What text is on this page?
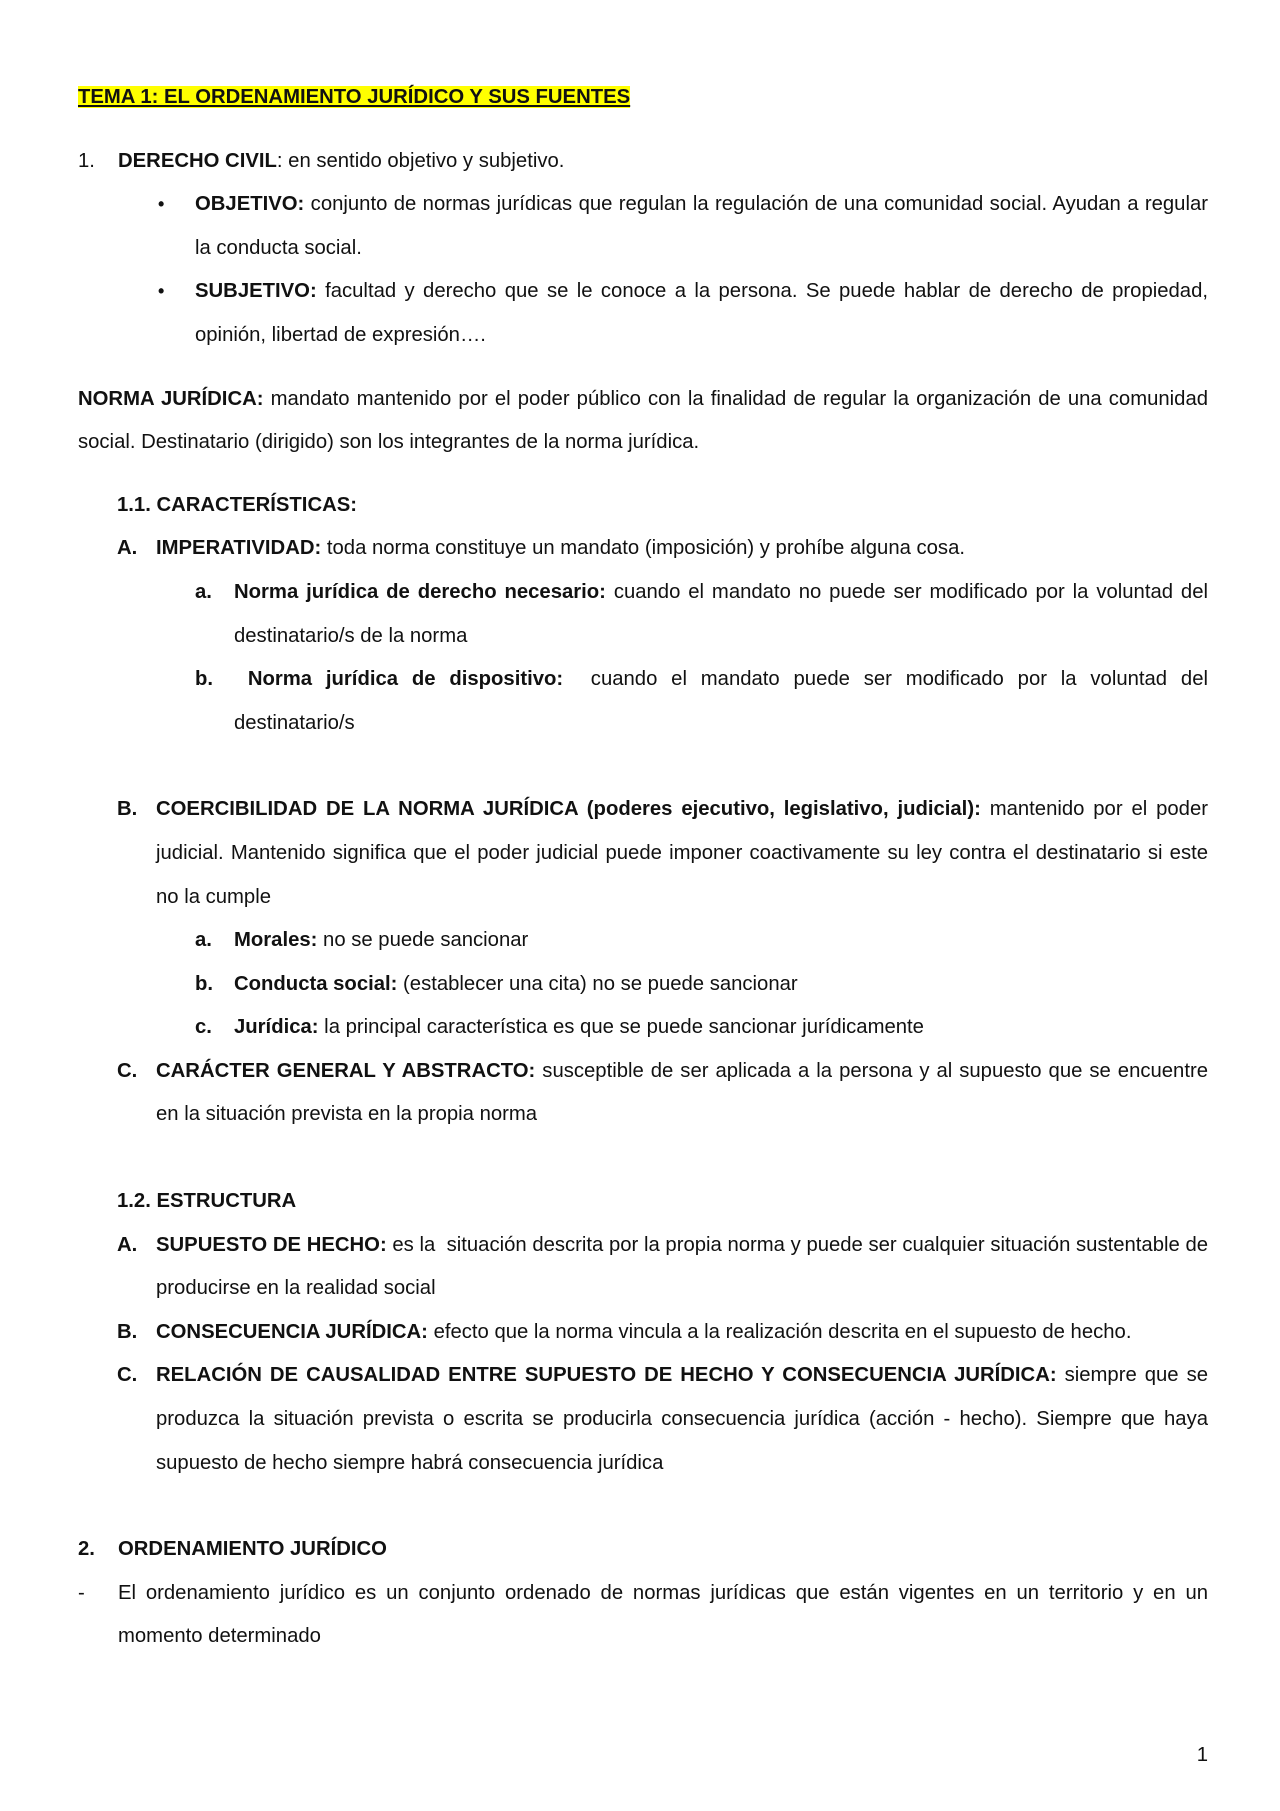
TEMA 1: EL ORDENAMIENTO JURÍDICO Y SUS FUENTES

1.	DERECHO CIVIL: en sentido objetivo y subjetivo.
•	OBJETIVO: conjunto de normas jurídicas que regulan la regulación de una comunidad social. Ayudan a regular la conducta social.
•	SUBJETIVO: facultad y derecho que se le conoce a la persona. Se puede hablar de derecho de propiedad, opinión, libertad de expresión….

NORMA JURÍDICA: mandato mantenido por el poder público con la finalidad de regular la organización de una comunidad social. Destinatario (dirigido) son los integrantes de la norma jurídica.

1.1. CARACTERÍSTICAS:

A. IMPERATIVIDAD: toda norma constituye un mandato (imposición) y prohíbe alguna cosa.
a.	Norma jurídica de derecho necesario: cuando el mandato no puede ser modificado por la voluntad del destinatario/s de la norma
b.	Norma jurídica de dispositivo:  cuando el mandato puede ser modificado por la voluntad del destinatario/s
B. COERCIBILIDAD DE LA NORMA JURÍDICA (poderes ejecutivo, legislativo, judicial): mantenido por el poder judicial. Mantenido significa que el poder judicial puede imponer coactivamente su ley contra el destinatario si este no la cumple
a.	Morales: no se puede sancionar
b.	Conducta social: (establecer una cita) no se puede sancionar
c.	Jurídica: la principal característica es que se puede sancionar jurídicamente
C. CARÁCTER GENERAL Y ABSTRACTO: susceptible de ser aplicada a la persona y al supuesto que se encuentre en la situación prevista en la propia norma

1.2. ESTRUCTURA

A. SUPUESTO DE HECHO: es la  situación descrita por la propia norma y puede ser cualquier situación sustentable de producirse en la realidad social
B. CONSECUENCIA JURÍDICA: efecto que la norma vincula a la realización descrita en el supuesto de hecho.
C. RELACIÓN DE CAUSALIDAD ENTRE SUPUESTO DE HECHO Y CONSECUENCIA JURÍDICA: siempre que se produzca la situación prevista o escrita se producirla consecuencia jurídica (acción - hecho). Siempre que haya supuesto de hecho siempre habrá consecuencia jurídica
2.	ORDENAMIENTO JURÍDICO
-	El ordenamiento jurídico es un conjunto ordenado de normas jurídicas que están vigentes en un territorio y en un momento determinado
1
